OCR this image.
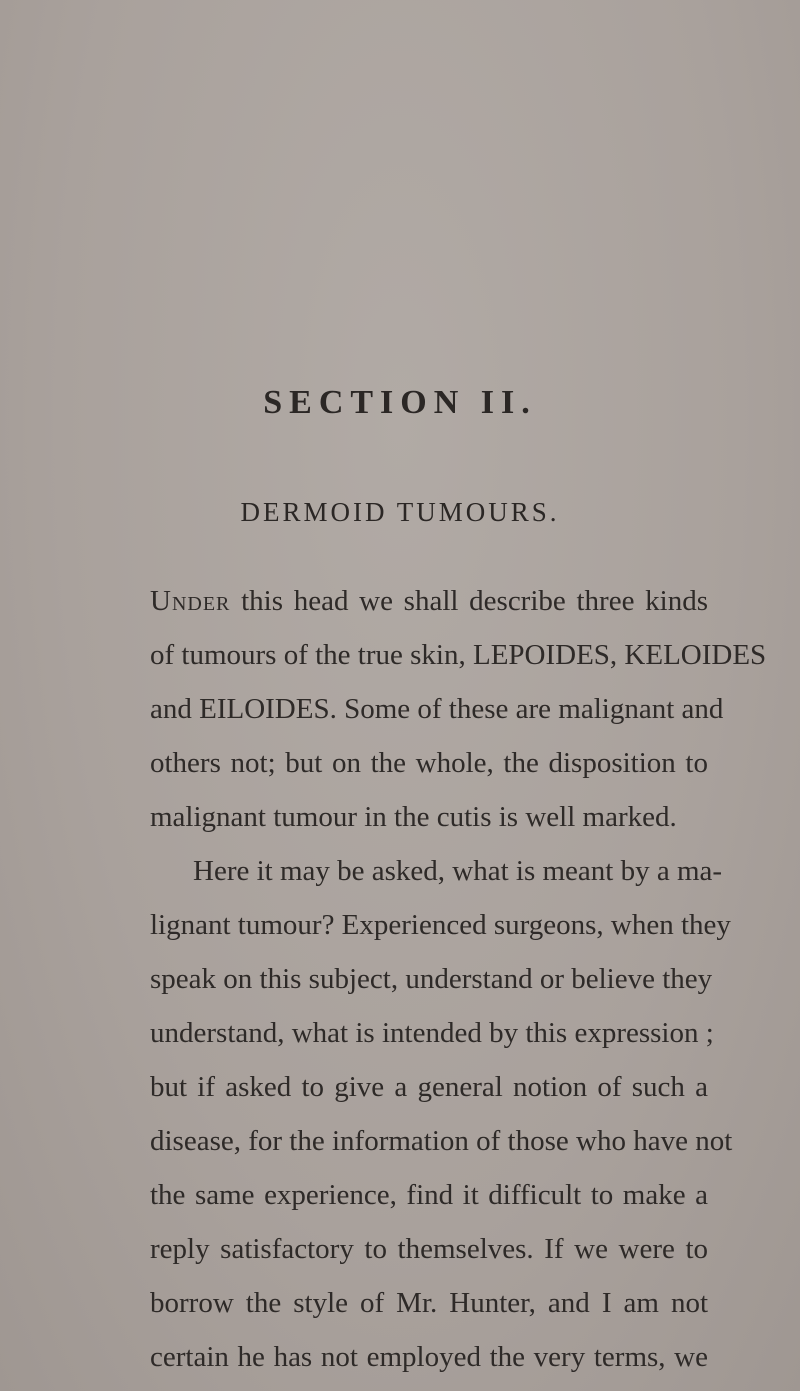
SECTION II.
DERMOID TUMOURS.
Under this head we shall describe three kinds
of tumours of the true skin, LEPOIDES, KELOIDES
and EILOIDES. Some of these are malignant and
others not; but on the whole, the disposition to
malignant tumour in the cutis is well marked.
Here it may be asked, what is meant by a ma-
lignant tumour? Experienced surgeons, when they
speak on this subject, understand or believe they
understand, what is intended by this expression ;
but if asked to give a general notion of such a
disease, for the information of those who have not
the same experience, find it difficult to make a
reply satisfactory to themselves. If we were to
borrow the style of Mr. Hunter, and I am not
certain he has not employed the very terms, we
